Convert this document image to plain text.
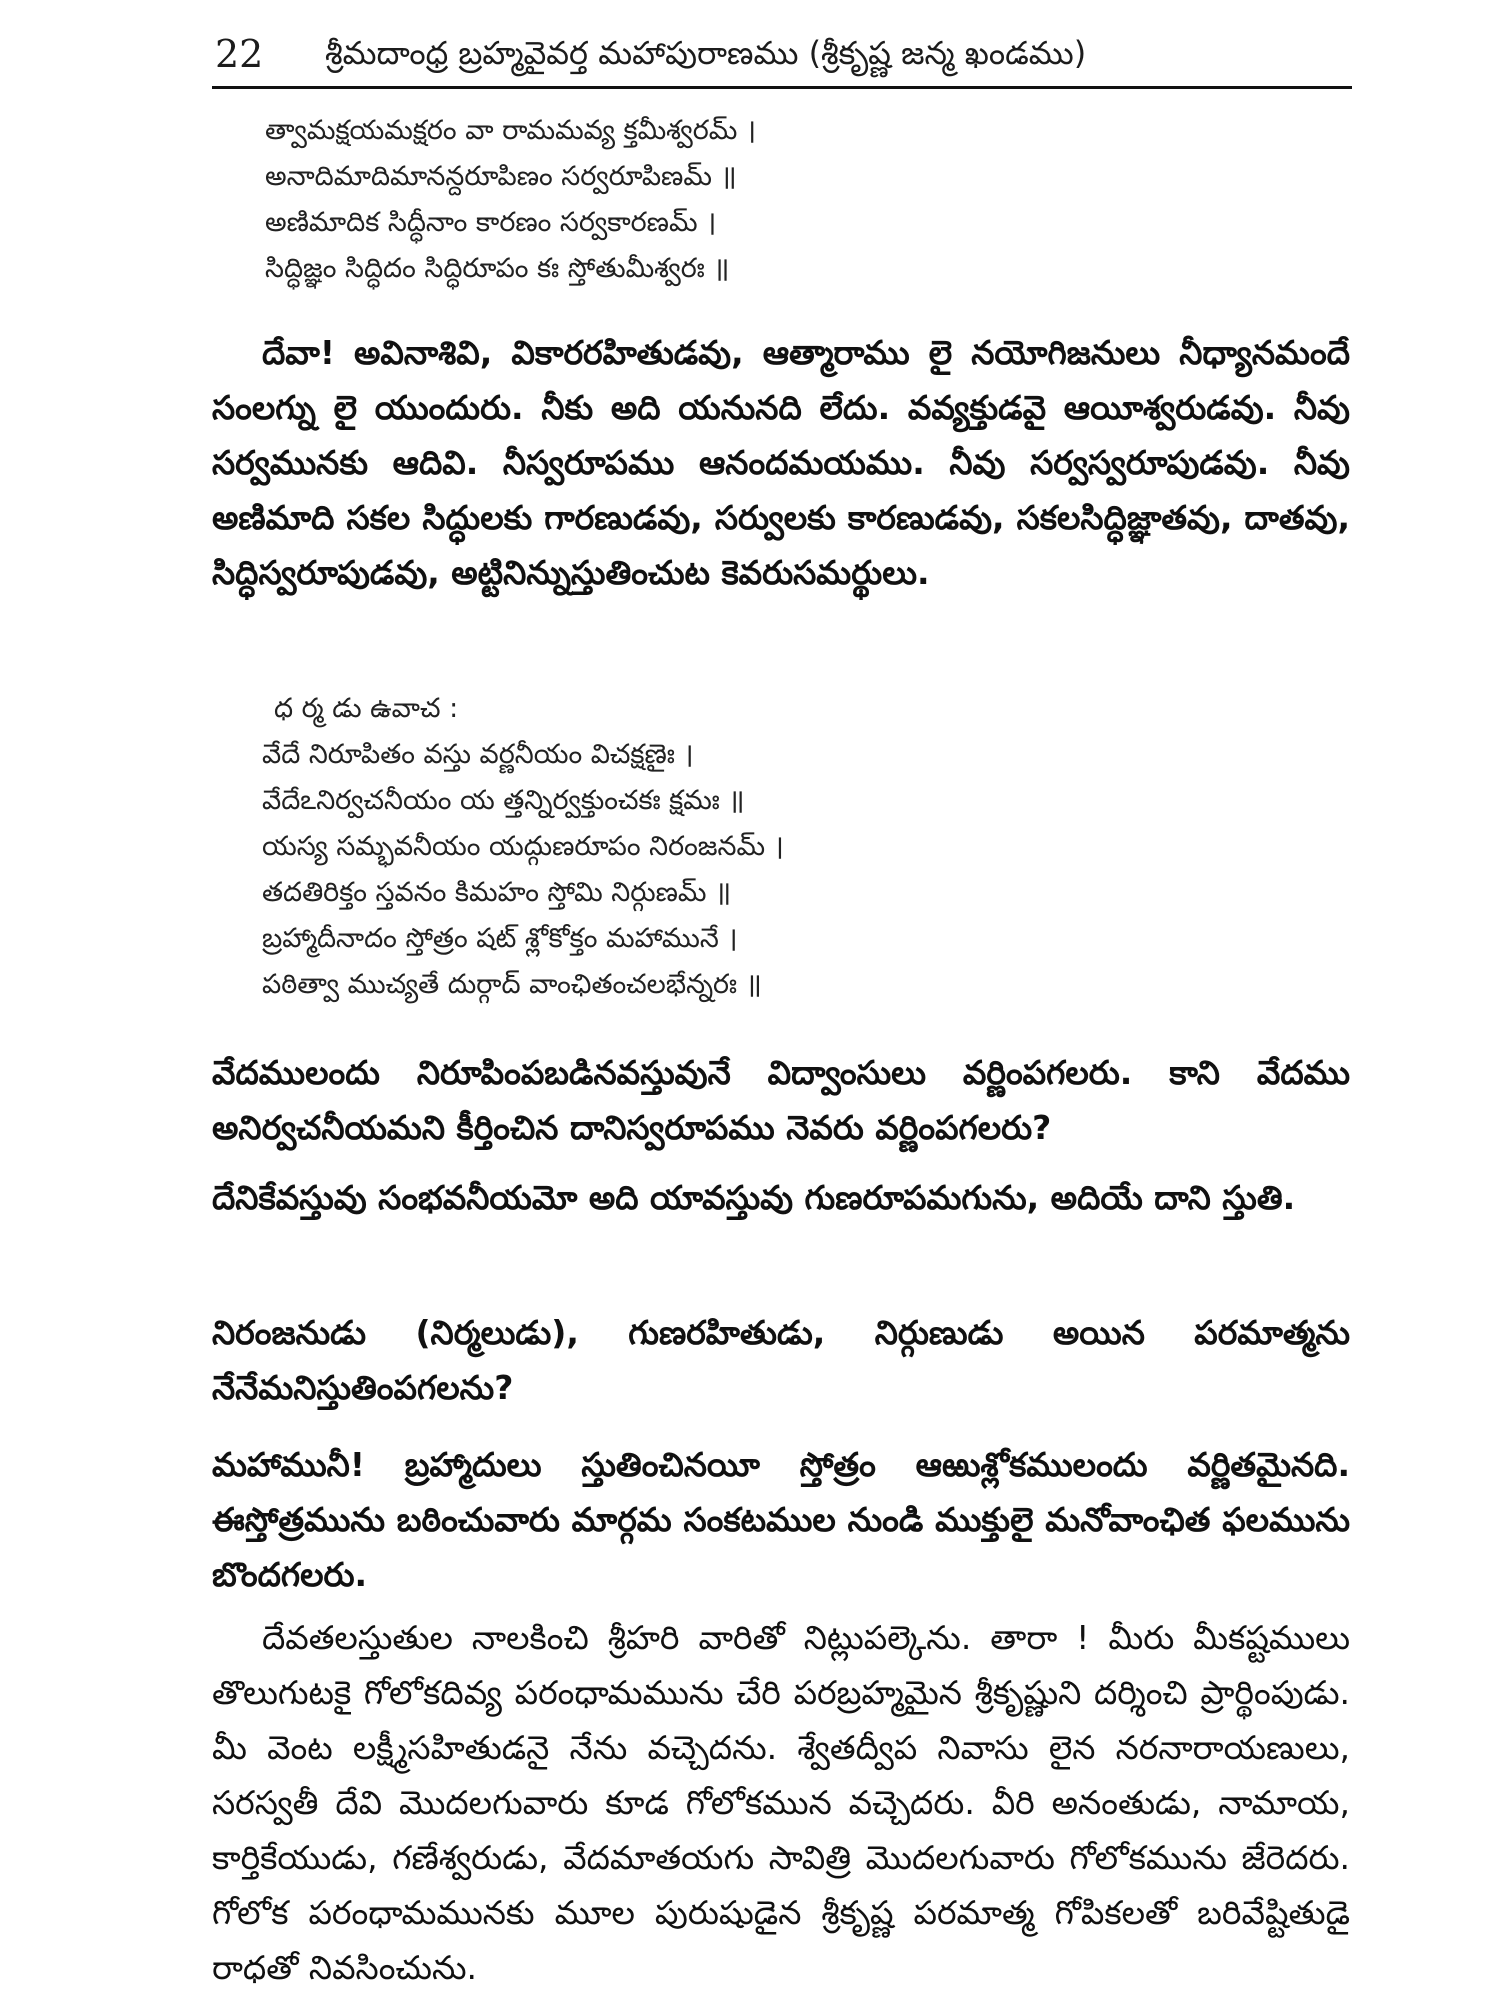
22 శ్రీమదాంధ్ర బ్రహ్మవైవర్త మహాపురాణము (శ్రీకృష్ణ జన్మ ఖండము)
త్వామక్షయమక్షరం వా రామమవ్య క్తమీశ్వరమ్ ।
అనాదిమాదిమానన్దరూపిణం సర్వరూపిణమ్ ॥
అణిమాదిక సిద్ధీనాం కారణం సర్వకారణమ్ ।
సిద్ధిజ్ఞం సిద్ధిదం సిద్ధిరూపం కః స్తోతుమీశ్వరః ॥

దేవా! అవినాశివి, వికారరహితుడవు, ఆత్మారాము లై నయోగిజనులు నీధ్యానమందే సంలగ్ను లై యుందురు. నీకు అది యనునది లేదు. వవ్యక్తుడవై ఆయీశ్వరుడవు. నీవు సర్వమునకు ఆదివి. నీస్వరూపము ఆనందమయము. నీవు సర్వస్వరూపుడవు. నీవు అణిమాది సకల సిద్ధులకు గారణుడవు, సర్వులకు కారణుడవు, సకలసిద్ధిజ్ఞాతవు, దాతవు, సిద్ధిస్వరూపుడవు, అట్టినిన్నుస్తుతించుట కెవరుసమర్థులు.

ధ ర్మ డు ఉవాచ :
వేదే నిరూపితం వస్తు వర్ణనీయం విచక్షణైః ।
వేదేఽనిర్వచనీయం య త్తన్నిర్వక్తుంచకః క్షమః ॥
యస్య సమ్భవనీయం యద్గుణరూపం నిరంజనమ్ ।
తదతిరిక్తం స్తవనం కిమహం స్తోమి నిర్గుణమ్ ॥
బ్రహ్మాదీనాదం స్తోత్రం షట్ శ్లోకోక్తం మహామునే ।
పఠిత్వా ముచ్యతే దుర్గాద్ వాంఛితంచలభేన్నరః ॥

వేదములందు నిరూపింపబడినవస్తువునే విద్వాంసులు వర్ణింపగలరు. కాని వేదము అనిర్వచనీయమని కీర్తించిన దానిస్వరూపము నెవరు వర్ణింపగలరు?

దేనికేవస్తువు సంభవనీయమో అది యావస్తువు గుణరూపమగును, అదియే దాని స్తుతి.

నిరంజనుడు (నిర్మలుడు), గుణరహితుడు, నిర్గుణుడు అయిన పరమాత్మను నేనేమనిస్తుతింపగలను?

మహామునీ! బ్రహ్మాదులు స్తుతించినయీ స్తోత్రం ఆఱుశ్లోకములందు వర్ణితమైనది. ఈస్తోత్రమును బఠించువారు మార్గమ సంకటముల నుండి ముక్తులై మనోవాంఛిత ఫలమును బొందగలరు.

దేవతలస్తుతుల నాలకించి శ్రీహరి వారితో నిట్లుపల్కెను. తారా ! మీరు మీకష్టములు తొలుగుటకై గోలోకదివ్య పరంధామమును చేరి పరబ్రహ్మమైన శ్రీకృష్ణుని దర్శించి ప్రార్థింపుడు. మీ వెంట లక్ష్మీసహితుడనై నేను వచ్చెదను. శ్వేతద్వీప నివాసు లైన నరనారాయణులు, సరస్వతీ దేవి మొదలగువారు కూడ గోలోకమున వచ్చెదరు. వీరి అనంతుడు, నామాయ, కార్తికేయుడు, గణేశ్వరుడు, వేదమాతయగు సావిత్రి మొదలగువారు గోలోకమును జేరెదరు. గోలోక పరంధామమునకు మూల పురుషుడైన శ్రీకృష్ణ పరమాత్మ గోపికలతో బరివేష్టితుడై రాధతో నివసించును.
